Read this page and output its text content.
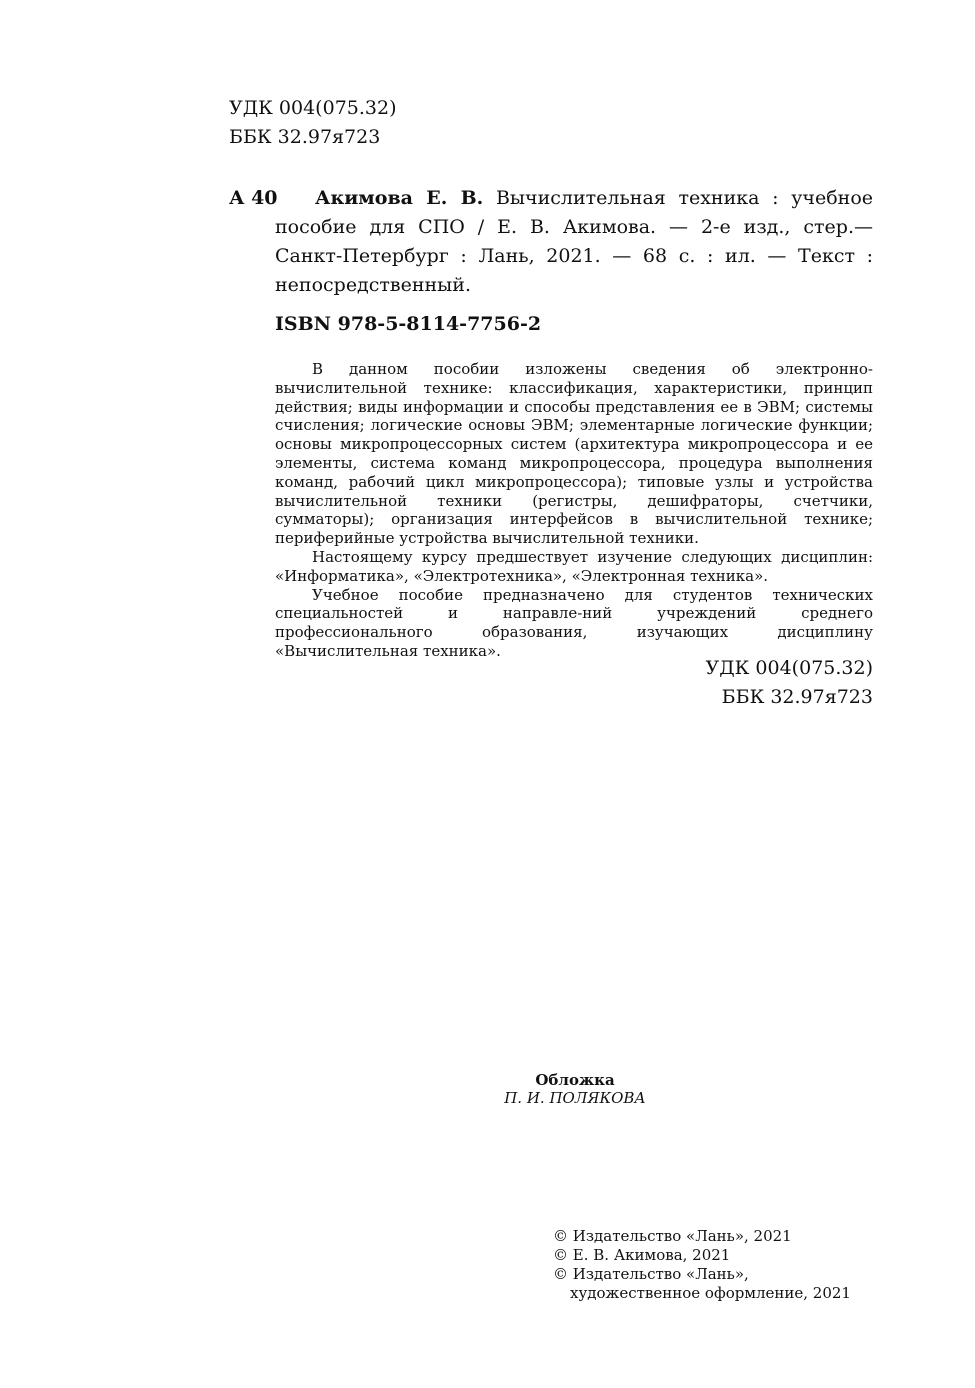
УДК 004(075.32)
ББК 32.97я723
А 40	Акимова Е. В. Вычислительная техника : учебное пособие для СПО / Е. В. Акимова. — 2-е изд., стер.— Санкт-Петербург : Лань, 2021. — 68 с. : ил. — Текст : непосредственный.
ISBN 978-5-8114-7756-2

В данном пособии изложены сведения об электронно-вычислительной технике: классификация, характеристики, принцип действия; виды информации и способы представления ее в ЭВМ; системы счисления; логические основы ЭВМ; элементарные логические функции; основы микропроцессорных систем (архитектура микропроцессора и ее элементы, система команд микропроцессора, процедура выполнения команд, рабочий цикл микропроцессора); типовые узлы и устройства вычислительной техники (регистры, дешифраторы, счетчики, сумматоры); организация интерфейсов в вычислительной технике; периферийные устройства вычислительной техники.

Настоящему курсу предшествует изучение следующих дисциплин: «Информатика», «Электротехника», «Электронная техника».

Учебное пособие предназначено для студентов технических специальностей и направле-ний учреждений среднего профессионального образования, изучающих дисциплину «Вычислительная техника».

УДК 004(075.32)
ББК 32.97я723
Обложка
П. И. ПОЛЯКОВА
© Издательство «Лань», 2021
© Е. В. Акимова, 2021
© Издательство «Лань»,
художественное оформление, 2021
